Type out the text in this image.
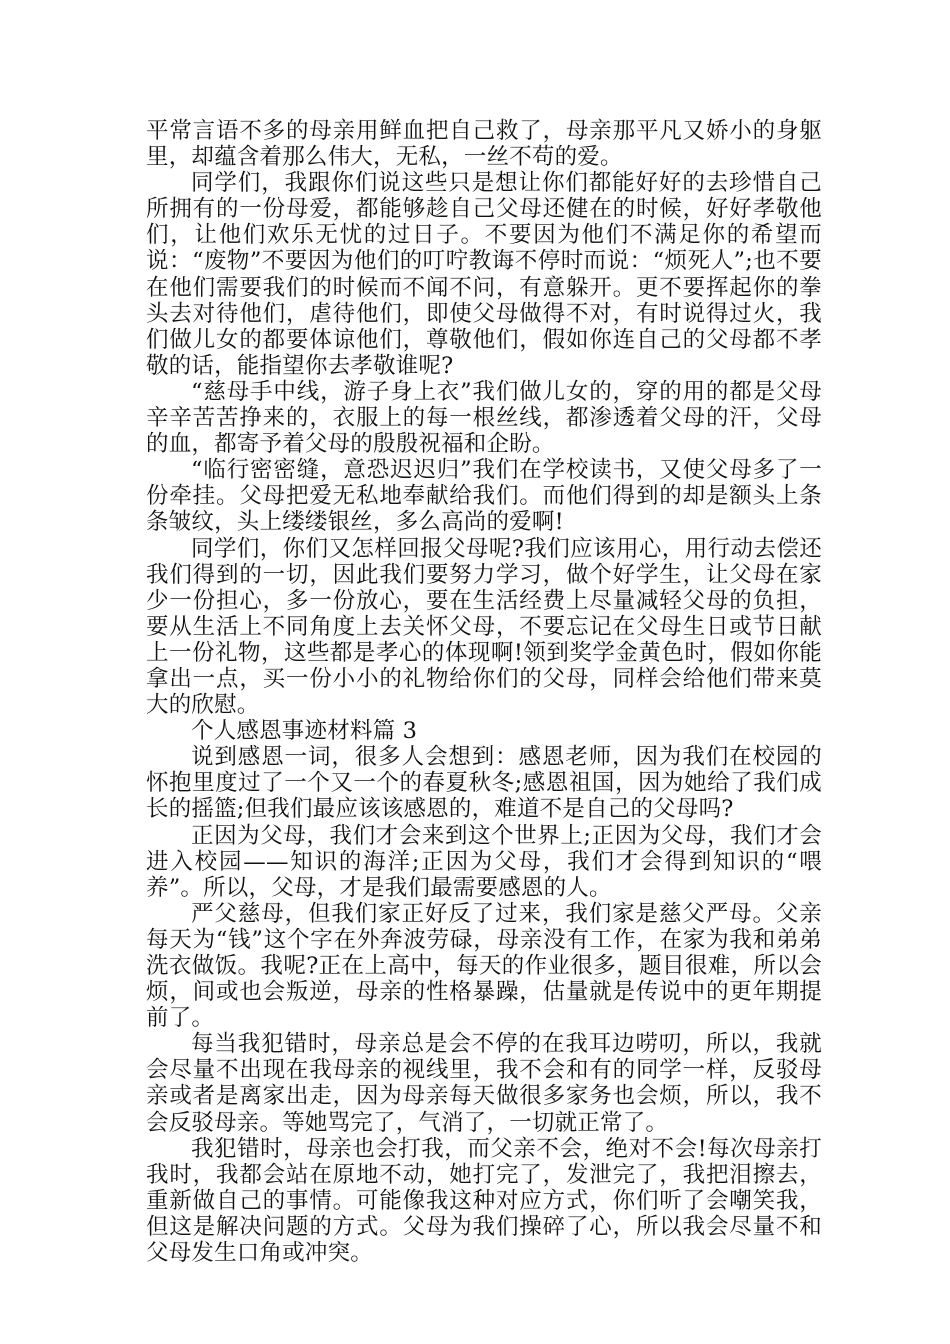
平常言语不多的母亲用鲜血把自己救了，母亲那平凡又娇小的身躯里，却蕴含着那么伟大，无私，一丝不苟的爱。

同学们，我跟你们说这些只是想让你们都能好好的去珍惜自己所拥有的一份母爱，都能够趁自己父母还健在的时候，好好孝敬他们，让他们欢乐无忧的过日子。不要因为他们不满足你的希望而说：“废物”不要因为他们的叮咛教诲不停时而说：“烦死人”;也不要在他们需要我们的时候而不闻不问，有意躲开。更不要挥起你的拳头去对待他们，虐待他们，即使父母做得不对，有时说得过火，我们做儿女的都要体谅他们，尊敬他们，假如你连自己的父母都不孝敬的话，能指望你去孝敬谁呢?

“慈母手中线，游子身上衣”我们做儿女的，穿的用的都是父母辛辛苦苦挣来的，衣服上的每一根丝线，都渗透着父母的汗，父母的血，都寄予着父母的殷殷祝福和企盼。

“临行密密缝，意恐迟迟归”我们在学校读书，又使父母多了一份牵挂。父母把爱无私地奉献给我们。而他们得到的却是额头上条条皱纹，头上缕缕银丝，多么高尚的爱啊!

同学们，你们又怎样回报父母呢?我们应该用心，用行动去偿还我们得到的一切，因此我们要努力学习，做个好学生，让父母在家少一份担心，多一份放心，要在生活经费上尽量减轻父母的负担，要从生活上不同角度上去关怀父母，不要忘记在父母生日或节日献上一份礼物，这些都是孝心的体现啊!领到奖学金黄色时，假如你能拿出一点，买一份小小的礼物给你们的父母，同样会给他们带来莫大的欣慰。

个人感恩事迹材料篇 3

说到感恩一词，很多人会想到：感恩老师，因为我们在校园的怀抱里度过了一个又一个的春夏秋冬;感恩祖国，因为她给了我们成长的摇篮;但我们最应该该感恩的，难道不是自己的父母吗?

正因为父母，我们才会来到这个世界上;正因为父母，我们才会进入校园——知识的海洋;正因为父母，我们才会得到知识的“喂养”。所以，父母，才是我们最需要感恩的人。

严父慈母，但我们家正好反了过来，我们家是慈父严母。父亲每天为“钱”这个字在外奔波劳碌，母亲没有工作，在家为我和弟弟洗衣做饭。我呢?正在上高中，每天的作业很多，题目很难，所以会烦，间或也会叛逆，母亲的性格暴躁，估量就是传说中的更年期提前了。

每当我犯错时，母亲总是会不停的在我耳边唠叨，所以，我就会尽量不出现在我母亲的视线里，我不会和有的同学一样，反驳母亲或者是离家出走，因为母亲每天做很多家务也会烦，所以，我不会反驳母亲。等她骂完了，气消了，一切就正常了。

我犯错时，母亲也会打我，而父亲不会，绝对不会!每次母亲打我时，我都会站在原地不动，她打完了，发泄完了，我把泪擦去，重新做自己的事情。可能像我这种对应方式，你们听了会嘲笑我，但这是解决问题的方式。父母为我们操碎了心，所以我会尽量不和父母发生口角或冲突。
